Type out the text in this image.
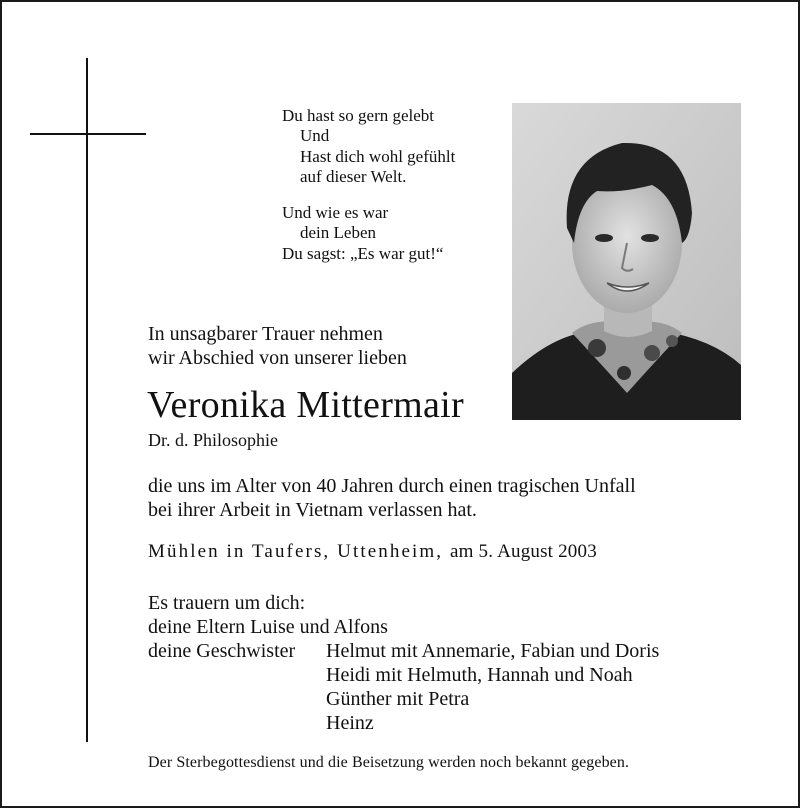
Du hast so gern gelebt
Und
Hast dich wohl gefühlt
auf dieser Welt.
Und wie es war
dein Leben
Du sagst: „Es war gut!“
In unsagbarer Trauer nehmen
wir Abschied von unserer lieben
Veronika Mittermair
Dr. d. Philosophie
die uns im Alter von 40 Jahren durch einen tragischen Unfall
bei ihrer Arbeit in Vietnam verlassen hat.
Mühlen in Taufers, Uttenheim, am 5. August 2003
Es trauern um dich:
deine Eltern Luise und Alfons
deine Geschwister Helmut mit Annemarie, Fabian und Doris
Heidi mit Helmuth, Hannah und Noah
Günther mit Petra
Heinz
Der Sterbegottesdienst und die Beisetzung werden noch bekannt gegeben.
